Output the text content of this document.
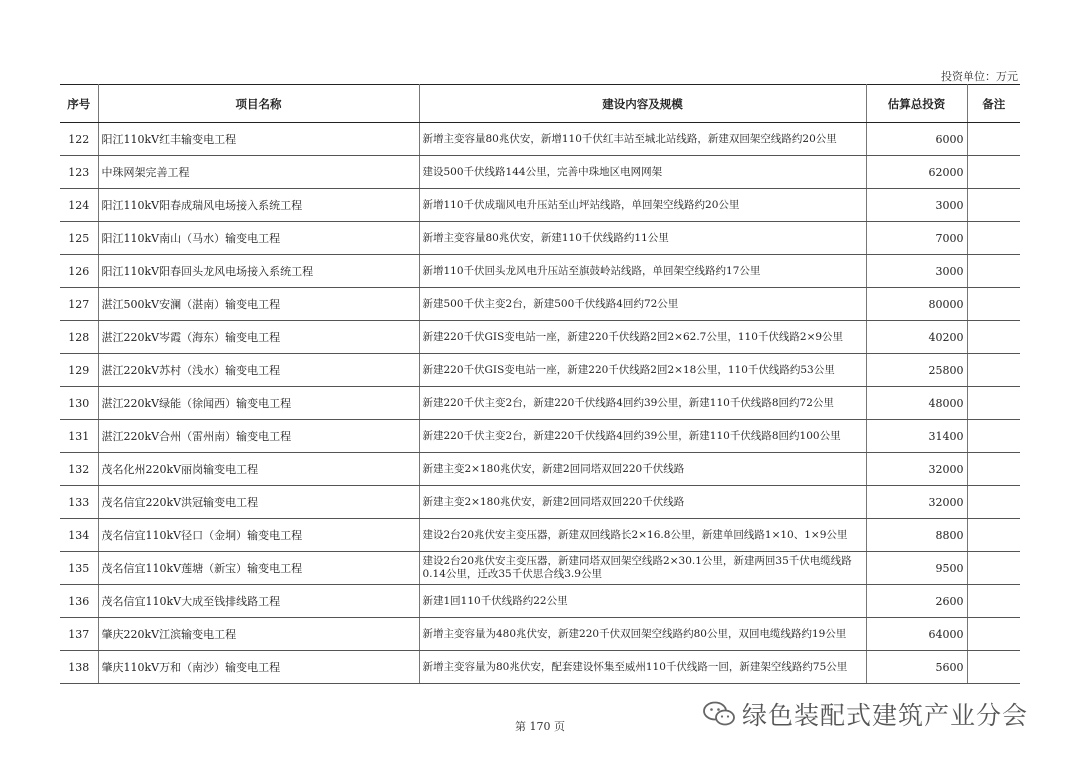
投资单位：万元
序号	项目名称	建设内容及规模	估算总投资	备注
122	阳江110kV红丰输变电工程	新增主变容量80兆伏安，新增110千伏红丰站至城北站线路，新建双回架空线路约20公里	6000	
123	中珠网架完善工程	建设500千伏线路144公里，完善中珠地区电网网架	62000	
124	阳江110kV阳春成瑞风电场接入系统工程	新增110千伏成瑞风电升压站至山坪站线路，单回架空线路约20公里	3000	
125	阳江110kV南山（马水）输变电工程	新增主变容量80兆伏安，新建110千伏线路约11公里	7000	
126	阳江110kV阳春回头龙风电场接入系统工程	新增110千伏回头龙风电升压站至旗鼓岭站线路，单回架空线路约17公里	3000	
127	湛江500kV安澜（湛南）输变电工程	新建500千伏主变2台，新建500千伏线路4回约72公里	80000	
128	湛江220kV岑霞（海东）输变电工程	新建220千伏GIS变电站一座，新建220千伏线路2回2×62.7公里，110千伏线路2×9公里	40200	
129	湛江220kV苏村（浅水）输变电工程	新建220千伏GIS变电站一座，新建220千伏线路2回2×18公里，110千伏线路约53公里	25800	
130	湛江220kV绿能（徐闻西）输变电工程	新建220千伏主变2台，新建220千伏线路4回约39公里，新建110千伏线路8回约72公里	48000	
131	湛江220kV合州（雷州南）输变电工程	新建220千伏主变2台，新建220千伏线路4回约39公里，新建110千伏线路8回约100公里	31400	
132	茂名化州220kV丽岗输变电工程	新建主变2×180兆伏安，新建2回同塔双回220千伏线路	32000	
133	茂名信宜220kV洪冠输变电工程	新建主变2×180兆伏安，新建2回同塔双回220千伏线路	32000	
134	茂名信宜110kV径口（金垌）输变电工程	建设2台20兆伏安主变压器，新建双回线路长2×16.8公里，新建单回线路1×10、1×9公里	8800	
135	茂名信宜110kV莲塘（新宝）输变电工程	建设2台20兆伏安主变压器，新建同塔双回架空线路2×30.1公里，新建两回35千伏电缆线路0.14公里，迁改35千伏思合线3.9公里	9500	
136	茂名信宜110kV大成至钱排线路工程	新建1回110千伏线路约22公里	2600	
137	肇庆220kV江滨输变电工程	新增主变容量为480兆伏安，新建220千伏双回架空线路约80公里，双回电缆线路约19公里	64000	
138	肇庆110kV万和（南沙）输变电工程	新增主变容量为80兆伏安，配套建设怀集至威州110千伏线路一回，新建架空线路约75公里	5600	
第 170 页	绿色装配式建筑产业分会
